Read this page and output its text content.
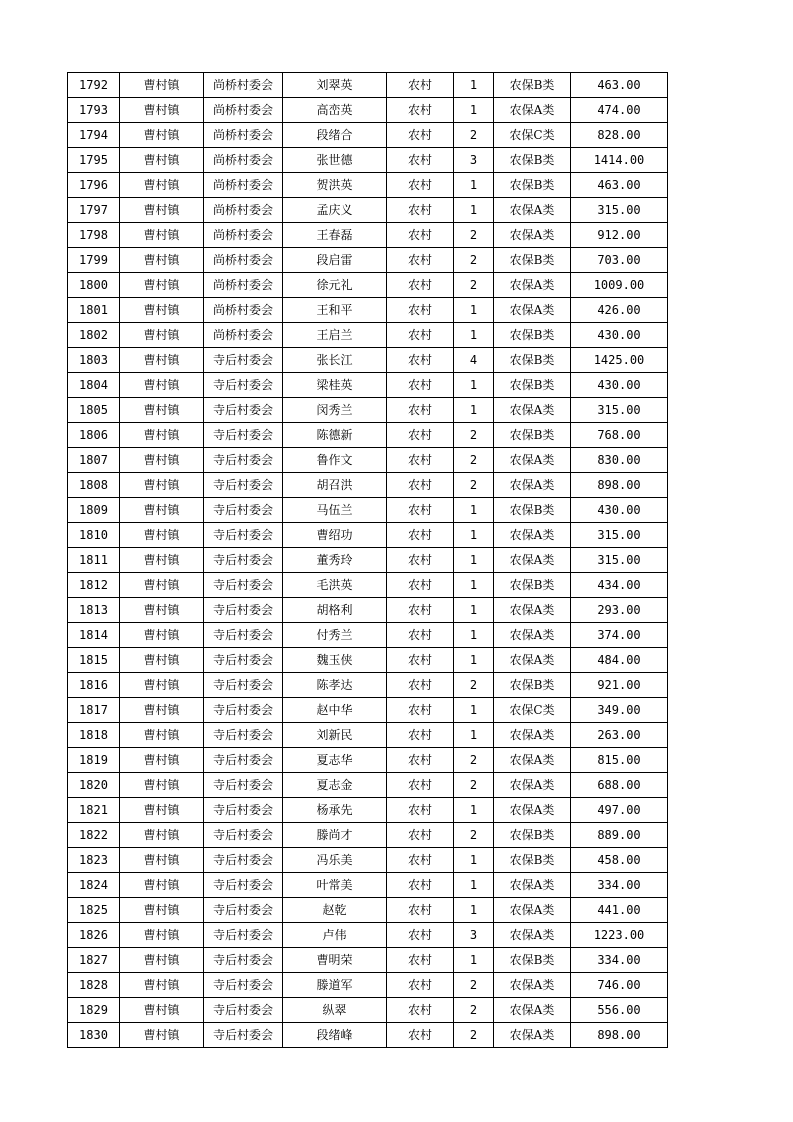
1792	曹村镇	尚桥村委会	刘翠英	农村	1	农保B类	463.00
1793	曹村镇	尚桥村委会	高峦英	农村	1	农保A类	474.00
1794	曹村镇	尚桥村委会	段绪合	农村	2	农保C类	828.00
1795	曹村镇	尚桥村委会	张世德	农村	3	农保B类	1414.00
1796	曹村镇	尚桥村委会	贺洪英	农村	1	农保B类	463.00
1797	曹村镇	尚桥村委会	孟庆义	农村	1	农保A类	315.00
1798	曹村镇	尚桥村委会	王春磊	农村	2	农保A类	912.00
1799	曹村镇	尚桥村委会	段启雷	农村	2	农保B类	703.00
1800	曹村镇	尚桥村委会	徐元礼	农村	2	农保A类	1009.00
1801	曹村镇	尚桥村委会	王和平	农村	1	农保A类	426.00
1802	曹村镇	尚桥村委会	王启兰	农村	1	农保B类	430.00
1803	曹村镇	寺后村委会	张长江	农村	4	农保B类	1425.00
1804	曹村镇	寺后村委会	梁桂英	农村	1	农保B类	430.00
1805	曹村镇	寺后村委会	闵秀兰	农村	1	农保A类	315.00
1806	曹村镇	寺后村委会	陈德新	农村	2	农保B类	768.00
1807	曹村镇	寺后村委会	鲁作文	农村	2	农保A类	830.00
1808	曹村镇	寺后村委会	胡召洪	农村	2	农保A类	898.00
1809	曹村镇	寺后村委会	马伍兰	农村	1	农保B类	430.00
1810	曹村镇	寺后村委会	曹绍功	农村	1	农保A类	315.00
1811	曹村镇	寺后村委会	董秀玲	农村	1	农保A类	315.00
1812	曹村镇	寺后村委会	毛洪英	农村	1	农保B类	434.00
1813	曹村镇	寺后村委会	胡格利	农村	1	农保A类	293.00
1814	曹村镇	寺后村委会	付秀兰	农村	1	农保A类	374.00
1815	曹村镇	寺后村委会	魏玉侠	农村	1	农保A类	484.00
1816	曹村镇	寺后村委会	陈孝达	农村	2	农保B类	921.00
1817	曹村镇	寺后村委会	赵中华	农村	1	农保C类	349.00
1818	曹村镇	寺后村委会	刘新民	农村	1	农保A类	263.00
1819	曹村镇	寺后村委会	夏志华	农村	2	农保A类	815.00
1820	曹村镇	寺后村委会	夏志金	农村	2	农保A类	688.00
1821	曹村镇	寺后村委会	杨承先	农村	1	农保A类	497.00
1822	曹村镇	寺后村委会	滕尚才	农村	2	农保B类	889.00
1823	曹村镇	寺后村委会	冯乐美	农村	1	农保B类	458.00
1824	曹村镇	寺后村委会	叶常美	农村	1	农保A类	334.00
1825	曹村镇	寺后村委会	赵乾	农村	1	农保A类	441.00
1826	曹村镇	寺后村委会	卢伟	农村	3	农保A类	1223.00
1827	曹村镇	寺后村委会	曹明荣	农村	1	农保B类	334.00
1828	曹村镇	寺后村委会	滕道军	农村	2	农保A类	746.00
1829	曹村镇	寺后村委会	纵翠	农村	2	农保A类	556.00
1830	曹村镇	寺后村委会	段绪峰	农村	2	农保A类	898.00
